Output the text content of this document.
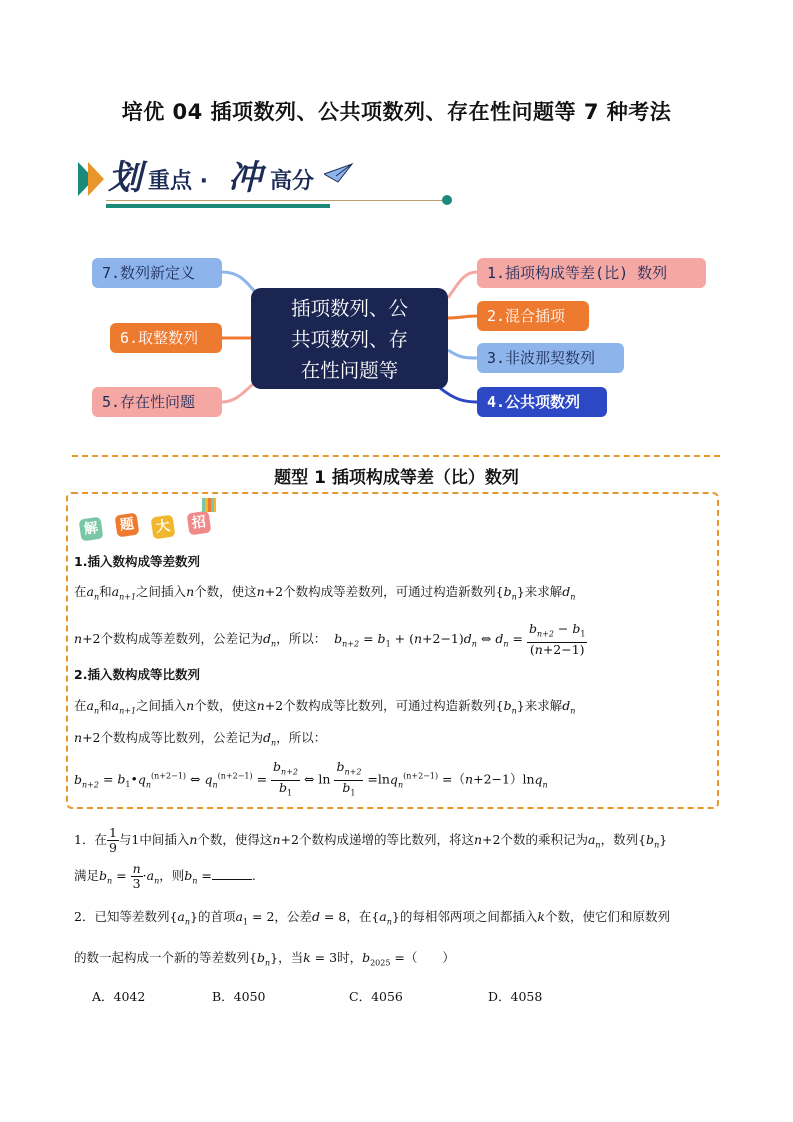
培优 04 插项数列、公共项数列、存在性问题等 7 种考法
划 重点 · 冲 高分
插项数列、公
共项数列、存
在性问题等
7.数列新定义
6.取整数列
5.存在性问题
1.插项构成等差(比) 数列
2.混合插项
3.非波那契数列
4.公共项数列
题型 1 插项构成等差（比）数列
解	题	大	招
1.插入数构成等差数列
在$a_n$和$a_{n+1}$之间插入n个数，使这n+2个数构成等差数列，可通过构造新数列$\{b_n\}$来求解$d_n$
n+2个数构成等差数列，公差记为$d_n$，所以： $b_{n+2} = b_1 + (n+2-1)d_n$ ⇔ $d_n = \frac{b_{n+2} - b_1}{(n+2-1)}$
2.插入数构成等比数列
在$a_n$和$a_{n+1}$之间插入n个数，使这n+2个数构成等比数列，可通过构造新数列$\{b_n\}$来求解$d_n$
n+2个数构成等比数列，公差记为$d_n$，所以：
$b_{n+2}$ = $b_1•q_n^{(n+2-1)}$ ⇔ $q_n^{(n+2-1)} = \frac{b_{n+2}}{b_1}$ ⇔ $\ln \frac{b_{n+2}}{b_1} =\ln q_n^{(n+2-1)} =(n+2-1)\ln q_n$
1．在 $\frac{1}{9}$ 与1中间插入n个数，使得这n+2个数构成递增的等比数列，将这n+2个数的乘积记为$a_n$，数列$\{b_n\}$
满足$b_n = \frac{n}{3} \cdot a_n$，则$b_n$ =	.
2．已知等差数列$\{a_n\}$的首项$a_1 = 2$，公差d = 8，在$\{a_n\}$的每相邻两项之间都插入k个数，使它们和原数列
的数一起构成一个新的等差数列$\{b_n\}$，当k = 3时，$b_{2025}$ =（　　）
A．4042	B．4050	C．4056	D．4058
